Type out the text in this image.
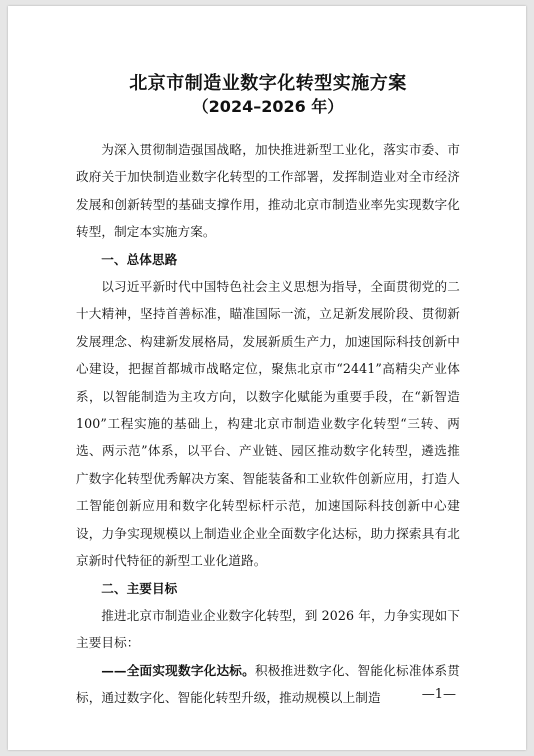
北京市制造业数字化转型实施方案
（2024–2026 年）

为深入贯彻制造强国战略，加快推进新型工业化，落实市委、市政府关于加快制造业数字化转型的工作部署，发挥制造业对全市经济发展和创新转型的基础支撑作用，推动北京市制造业率先实现数字化转型，制定本实施方案。

一、总体思路

以习近平新时代中国特色社会主义思想为指导，全面贯彻党的二十大精神，坚持首善标准，瞄准国际一流，立足新发展阶段、贯彻新发展理念、构建新发展格局，发展新质生产力，加速国际科技创新中心建设，把握首都城市战略定位，聚焦北京市“2441”高精尖产业体系，以智能制造为主攻方向，以数字化赋能为重要手段，在“新智造 100”工程实施的基础上，构建北京市制造业数字化转型“三转、两选、两示范”体系，以平台、产业链、园区推动数字化转型，遴选推广数字化转型优秀解决方案、智能装备和工业软件创新应用，打造人工智能创新应用和数字化转型标杆示范，加速国际科技创新中心建设，力争实现规模以上制造业企业全面数字化达标，助力探索具有北京新时代特征的新型工业化道路。

二、主要目标

推进北京市制造业企业数字化转型，到 2026 年，力争实现如下主要目标：

——全面实现数字化达标。积极推进数字化、智能化标准体系贯标，通过数字化、智能化转型升级，推动规模以上制造	—1—
